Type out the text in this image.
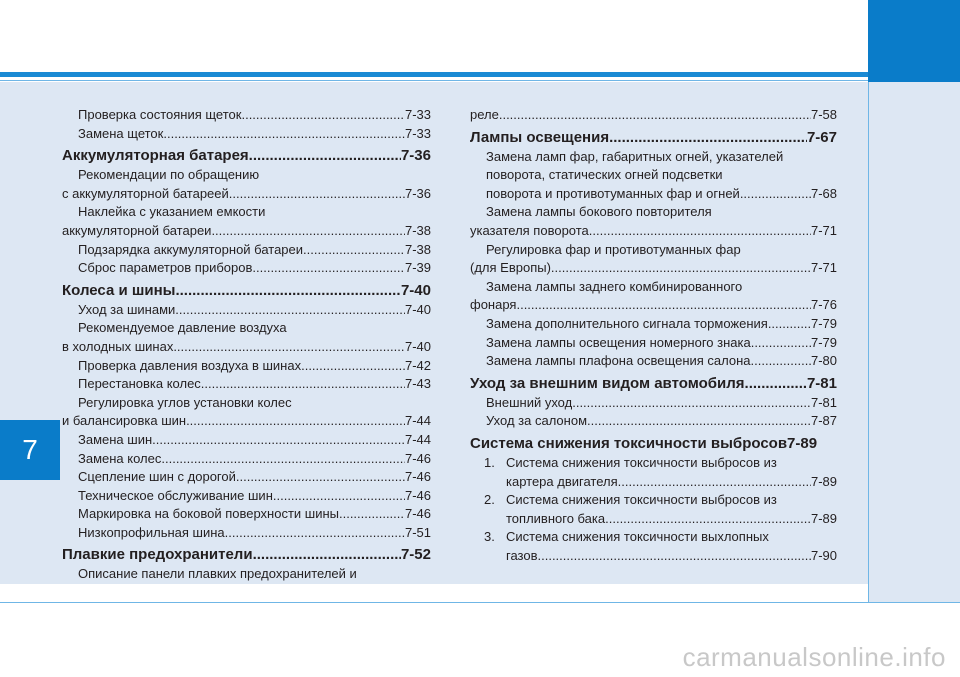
7
carmanualsonline.info
Проверка состояния щеток .....	7-33
Замена щеток .....	7-33
Аккумуляторная батарея .....	7-36
Рекомендации по обращению
с аккумуляторной батареей .....	7-36
Наклейка с указанием емкости
аккумуляторной батареи .....	7-38
Подзарядка аккумуляторной батареи .....	7-38
Сброс параметров приборов .....	7-39
Колеса и шины .....	7-40
Уход за шинами .....	7-40
Рекомендуемое давление воздуха
в холодных шинах .....	7-40
Проверка давления воздуха в шинах .....	7-42
Перестановка колес .....	7-43
Регулировка углов установки колес
и балансировка шин .....	7-44
Замена шин .....	7-44
Замена колес .....	7-46
Сцепление шин с дорогой .....	7-46
Техническое обслуживание шин .....	7-46
Маркировка на боковой поверхности шины .....	7-46
Низкопрофильная шина .....	7-51
Плавкие предохранители .....	7-52
Описание панели плавких предохранителей и
реле .....	7-58
Лампы освещения .....	7-67
Замена ламп фар, габаритных огней, указателей
поворота, статических огней подсветки
поворота и противотуманных фар и огней .....	7-68
Замена лампы бокового повторителя
указателя поворота .....	7-71
Регулировка фар и противотуманных фар
(для Европы) .....	7-71
Замена лампы заднего комбинированного
фонаря .....	7-76
Замена дополнительного сигнала торможения .....	7-79
Замена лампы освещения номерного знака .....	7-79
Замена лампы плафона освещения салона .....	7-80
Уход за внешним видом автомобиля .....	7-81
Внешний уход .....	7-81
Уход за салоном .....	7-87
Система снижения токсичности выбросов 7-89
1. Система снижения токсичности выбросов из
картера двигателя .....	7-89
2. Система снижения токсичности выбросов из
топливного бака .....	7-89
3. Система снижения токсичности выхлопных
газов .....	7-90
